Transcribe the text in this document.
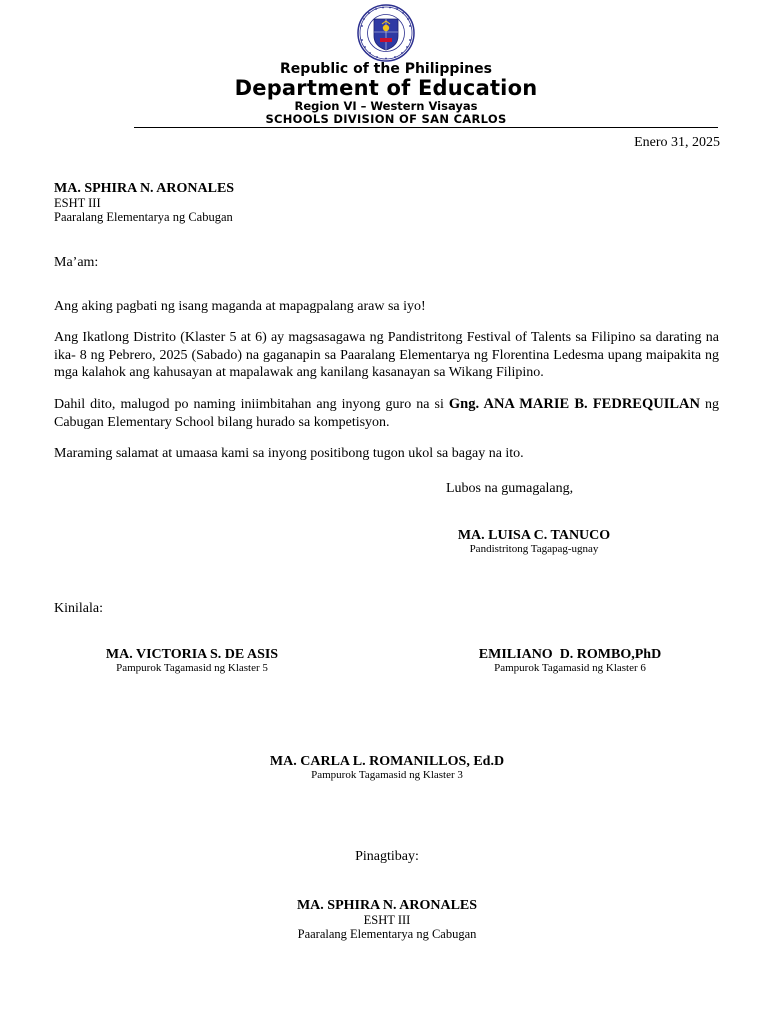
Republic of the Philippines
Department of Education
Region VI – Western Visayas
SCHOOLS DIVISION OF SAN CARLOS
Enero 31, 2025
MA. SPHIRA N. ARONALES
ESHT III
Paaralang Elementarya ng Cabugan
Ma’am:
Ang aking pagbati ng isang maganda at mapagpalang araw sa iyo!
Ang Ikatlong Distrito (Klaster 5 at 6) ay magsasagawa ng Pandistritong Festival of Talents sa Filipino sa darating na ika- 8 ng Pebrero, 2025 (Sabado) na gaganapin sa Paaralang Elementarya ng Florentina Ledesma upang maipakita ng mga kalahok ang kahusayan at mapalawak ang kanilang kasanayan sa Wikang Filipino.
Dahil dito, malugod po naming iniimbitahan ang inyong guro na si Gng. ANA MARIE B. FEDREQUILAN ng Cabugan Elementary School bilang hurado sa kompetisyon.
Maraming salamat at umaasa kami sa inyong positibong tugon ukol sa bagay na ito.
Lubos na gumagalang,
MA. LUISA C. TANUCO
Pandistritong Tagapag-ugnay
Kinilala:
MA. VICTORIA S. DE ASIS
Pampurok Tagamasid ng Klaster 5
EMILIANO  D. ROMBO,PhD
Pampurok Tagamasid ng Klaster 6
MA. CARLA L. ROMANILLOS, Ed.D
Pampurok Tagamasid ng Klaster 3
Pinagtibay:
MA. SPHIRA N. ARONALES
ESHT III
Paaralang Elementarya ng Cabugan
